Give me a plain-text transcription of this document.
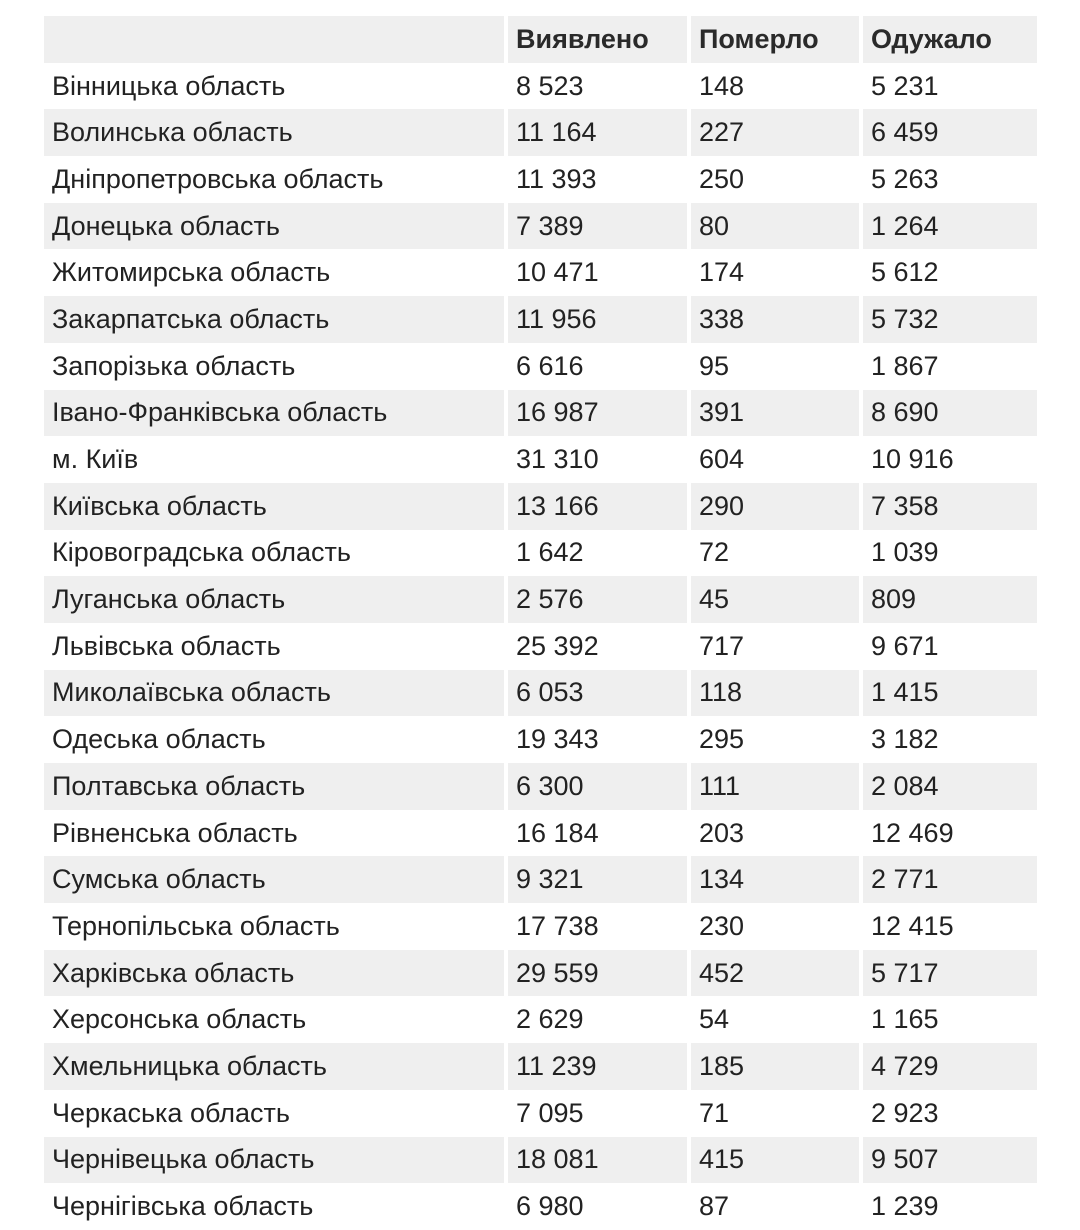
	Виявлено	Померло	Одужало
Вінницька область	8 523	148	5 231
Волинська область	11 164	227	6 459
Дніпропетровська область	11 393	250	5 263
Донецька область	7 389	80	1 264
Житомирська область	10 471	174	5 612
Закарпатська область	11 956	338	5 732
Запорізька область	6 616	95	1 867
Івано-Франківська область	16 987	391	8 690
м. Київ	31 310	604	10 916
Київська область	13 166	290	7 358
Кіровоградська область	1 642	72	1 039
Луганська область	2 576	45	809
Львівська область	25 392	717	9 671
Миколаївська область	6 053	118	1 415
Одеська область	19 343	295	3 182
Полтавська область	6 300	111	2 084
Рівненська область	16 184	203	12 469
Сумська область	9 321	134	2 771
Тернопільська область	17 738	230	12 415
Харківська область	29 559	452	5 717
Херсонська область	2 629	54	1 165
Хмельницька область	11 239	185	4 729
Черкаська область	7 095	71	2 923
Чернівецька область	18 081	415	9 507
Чернігівська область	6 980	87	1 239
